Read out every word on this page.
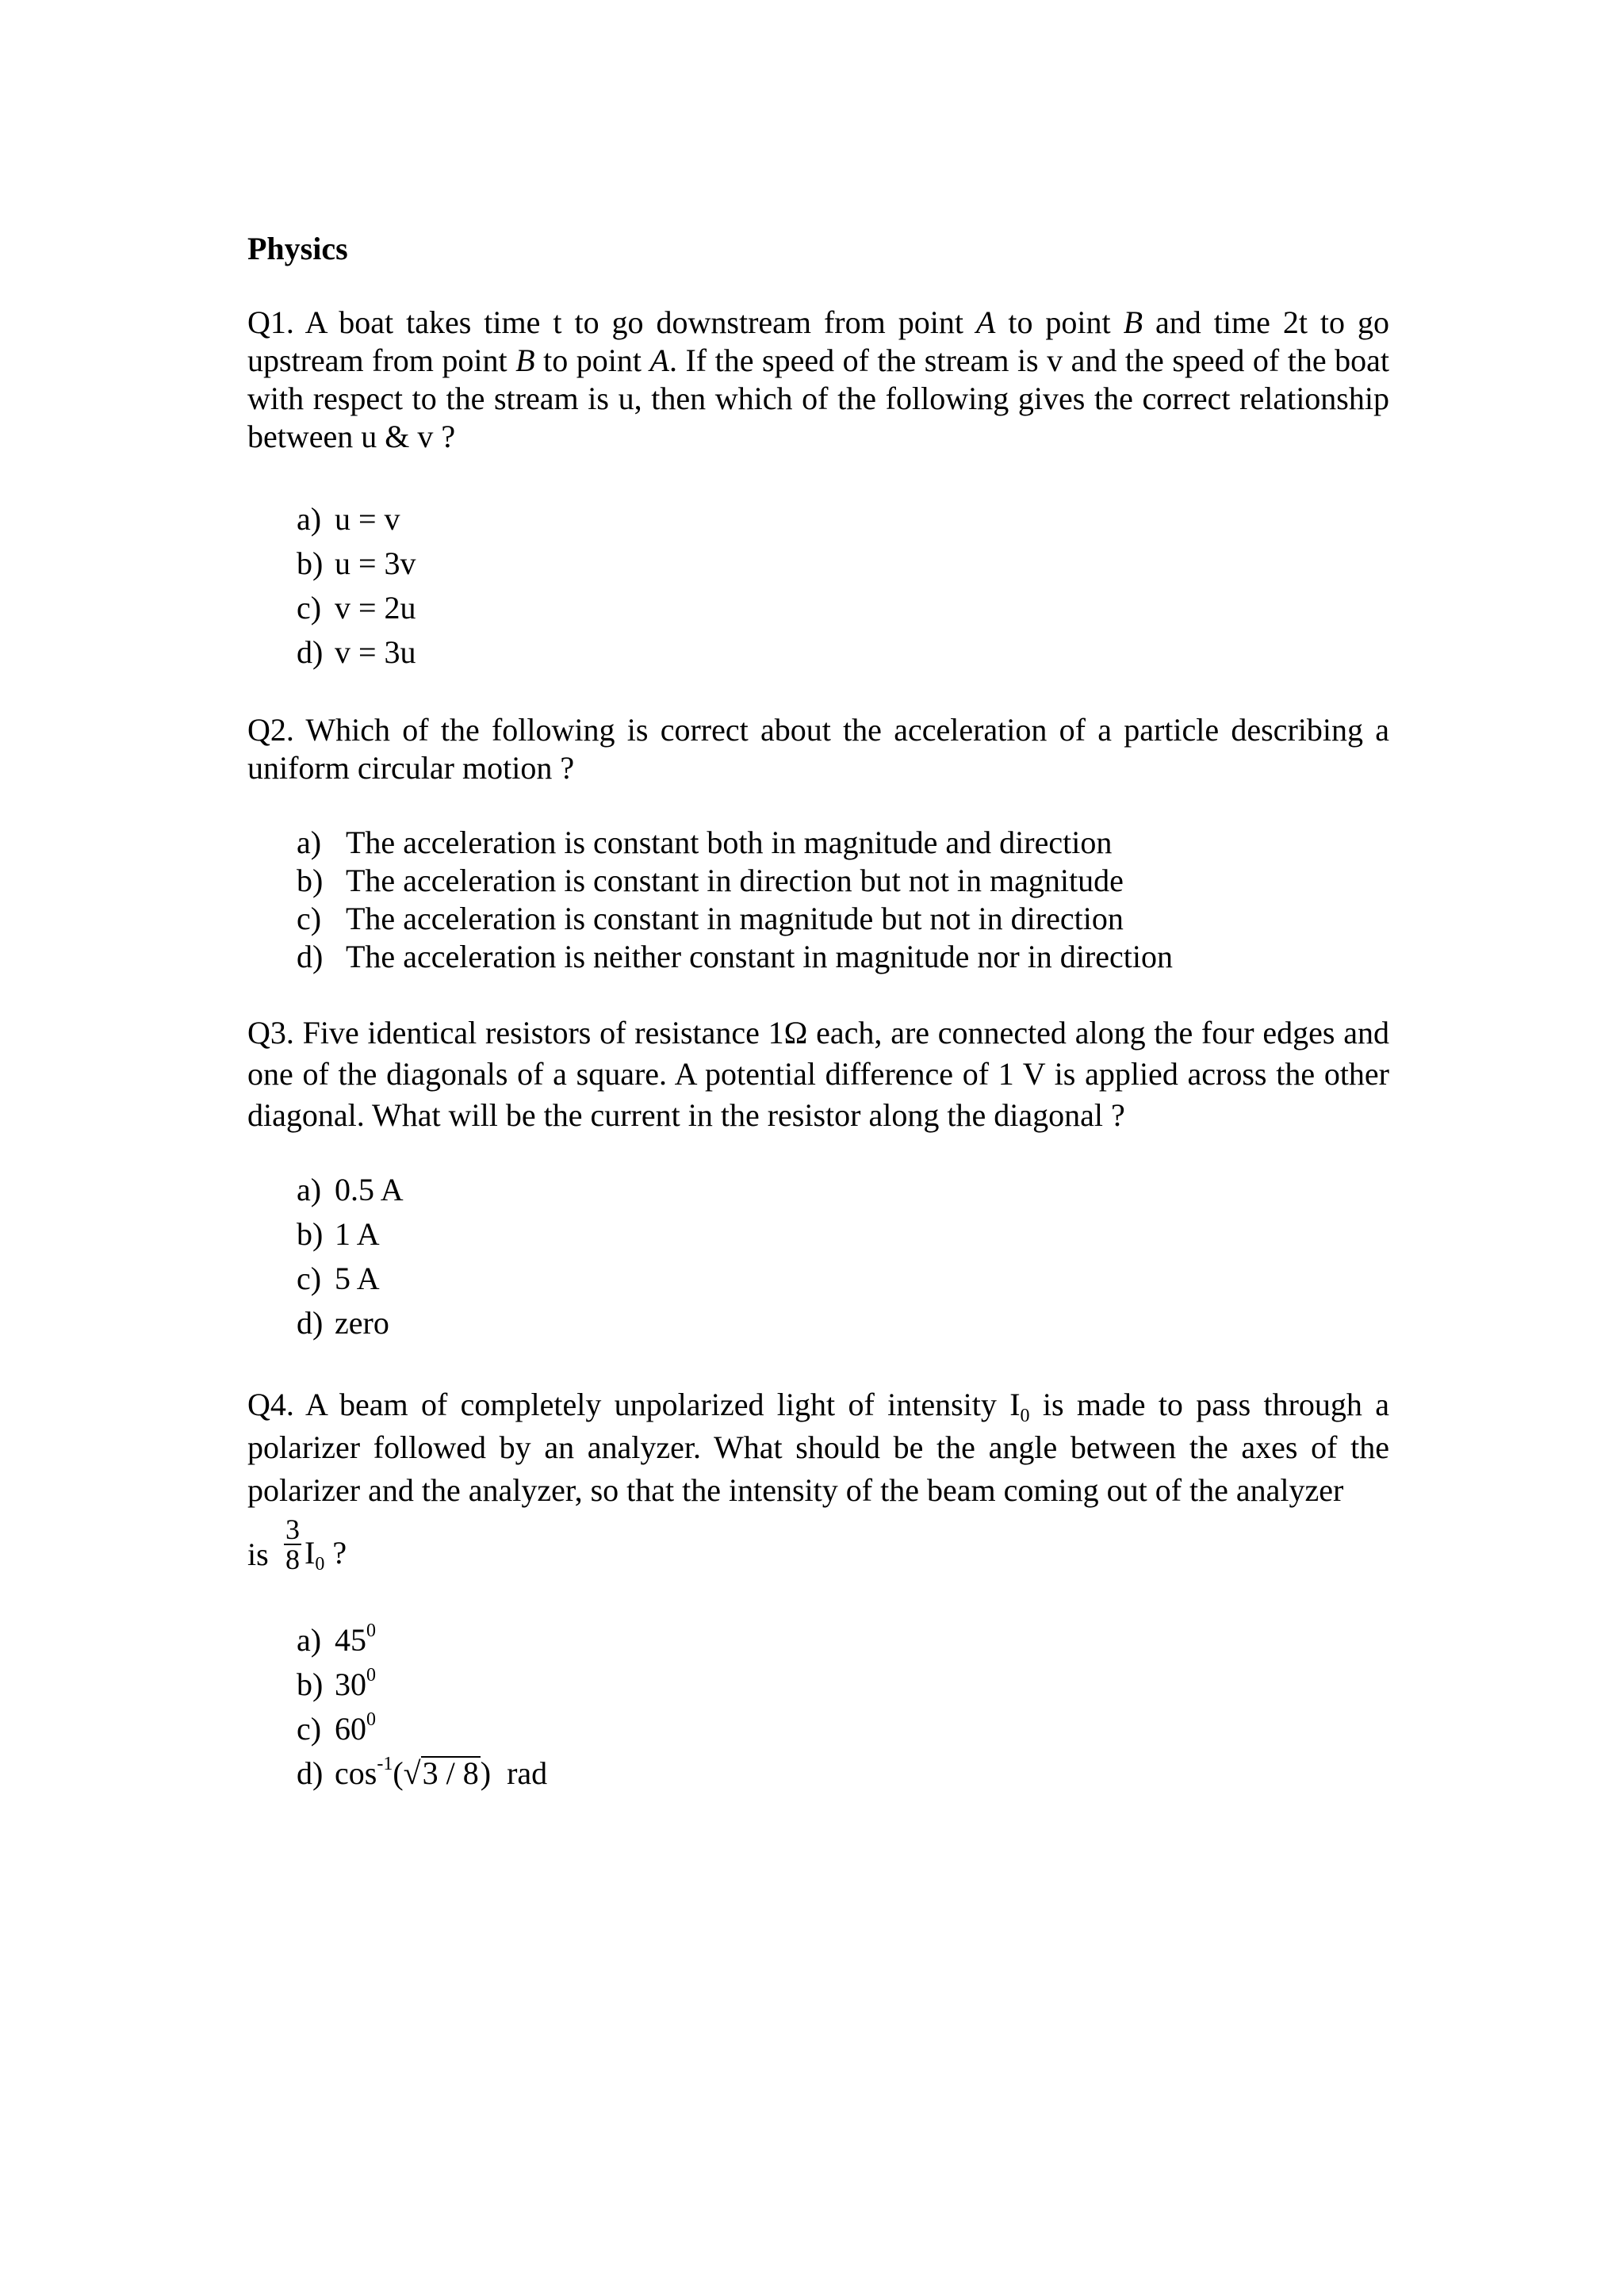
Physics

Q1. A boat takes time t to go downstream from point A to point B and time 2t to go upstream from point B to point A. If the speed of the stream is v and the speed of the boat with respect to the stream is u, then which of the following gives the correct relationship between u & v ?

a) u = v
b) u = 3v
c) v = 2u
d) v = 3u

Q2. Which of the following is correct about the acceleration of a particle describing a uniform circular motion ?

a) The acceleration is constant both in magnitude and direction
b) The acceleration is constant in direction but not in magnitude
c) The acceleration is constant in magnitude but not in direction
d) The acceleration is neither constant in magnitude nor in direction

Q3. Five identical resistors of resistance 1Ω each, are connected along the four edges and one of the diagonals of a square. A potential difference of 1 V is applied across the other diagonal. What will be the current in the resistor along the diagonal ?

a) 0.5 A
b) 1 A
c) 5 A
d) zero

Q4. A beam of completely unpolarized light of intensity $I_0$ is made to pass through a polarizer followed by an analyzer. What should be the angle between the axes of the polarizer and the analyzer, so that the intensity of the beam coming out of the analyzer

is $\frac{3}{8} I_0$ ?
a) $45^0$
b) $30^0$
c) $60^0$
d) $\cos^{-1}(√3 / 8)$  rad
